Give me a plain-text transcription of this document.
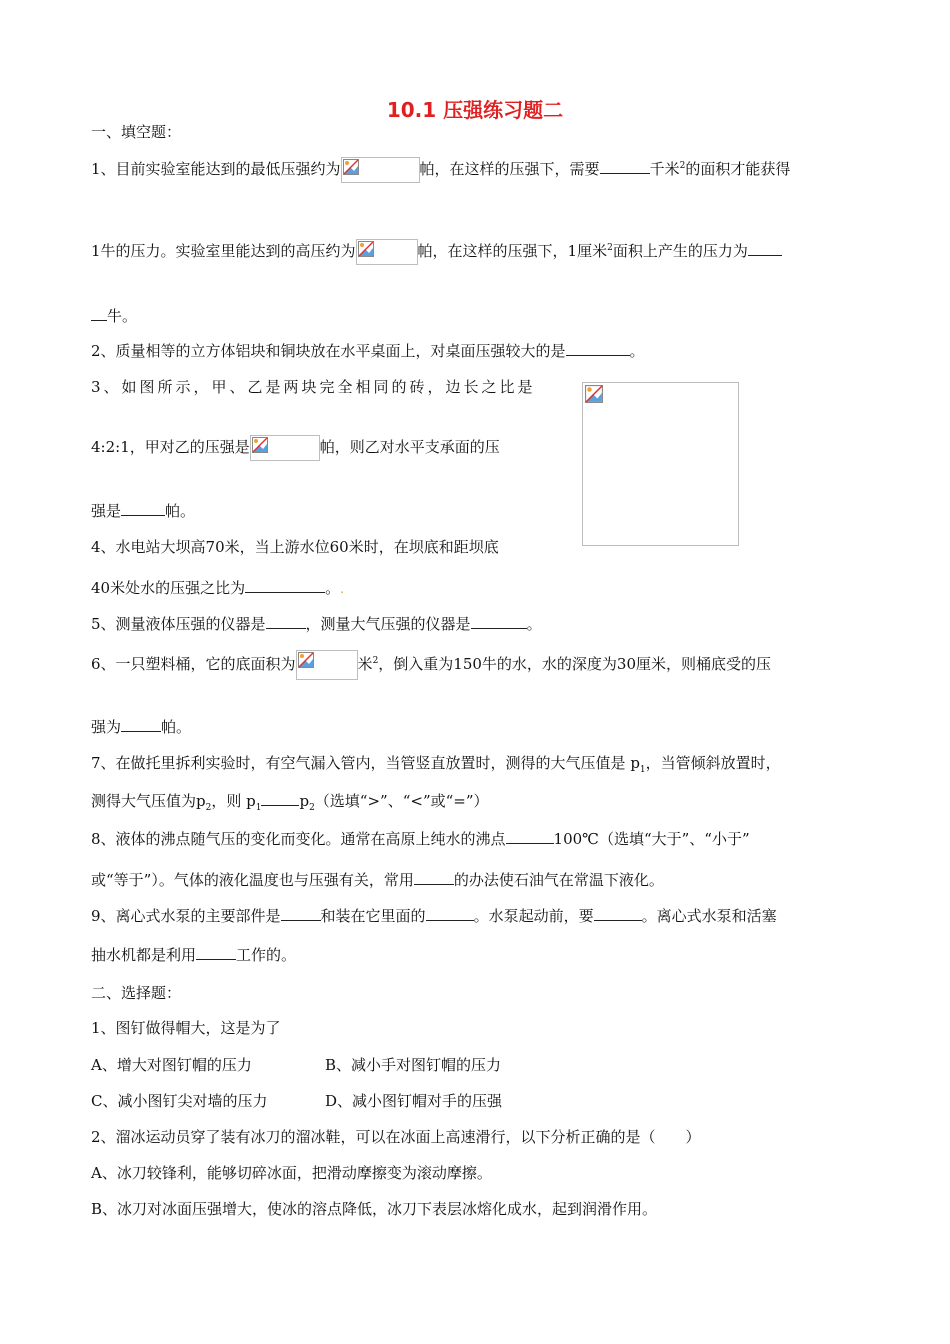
10.1 压强练习题二
一、填空题：
1、目前实验室能达到的最低压强约为	帕，在这样的压强下，需要	千米$^2$的面积才能获得
1牛的压力。实验室里能达到的高压约为	帕，在这样的压强下，1厘米$^2$面积上产生的压力为
牛。
2、质量相等的立方体铝块和铜块放在水平桌面上，对桌面压强较大的是	。
3、如图所示，甲、乙是两块完全相同的砖，边长之比是
4:2:1，甲对乙的压强是	帕，则乙对水平支承面的压
强是	帕。
4、水电站大坝高70米，当上游水位60米时，在坝底和距坝底
40米处水的压强之比为	。.
5、测量液体压强的仪器是	，测量大气压强的仪器是	。
6、一只塑料桶，它的底面积为	米$^2$，倒入重为150牛的水，水的深度为30厘米，则桶底受的压
强为	帕。
7、在做托里拆利实验时，有空气漏入管内，当管竖直放置时，测得的大气压值是 $p_1$，当管倾斜放置时，
测得大气压值为$p_2$，则 $p_1$	$p_2$（选填“>”、“<”或“=”）
8、液体的沸点随气压的变化而变化。通常在高原上纯水的沸点	100℃（选填“大于”、“小于”
或“等于”）。气体的液化温度也与压强有关，常用	的办法使石油气在常温下液化。
9、离心式水泵的主要部件是	和装在它里面的	。水泵起动前，要	。离心式水泵和活塞
抽水机都是利用	工作的。
二、选择题：
1、图钉做得帽大，这是为了
A、增大对图钉帽的压力	B、减小手对图钉帽的压力
C、减小图钉尖对墙的压力	D、减小图钉帽对手的压强
2、溜冰运动员穿了装有冰刀的溜冰鞋，可以在冰面上高速滑行，以下分析正确的是（　　）
A、冰刀较锋利，能够切碎冰面，把滑动摩擦变为滚动摩擦。
B、冰刀对冰面压强增大，使冰的溶点降低，冰刀下表层冰熔化成水，起到润滑作用。
